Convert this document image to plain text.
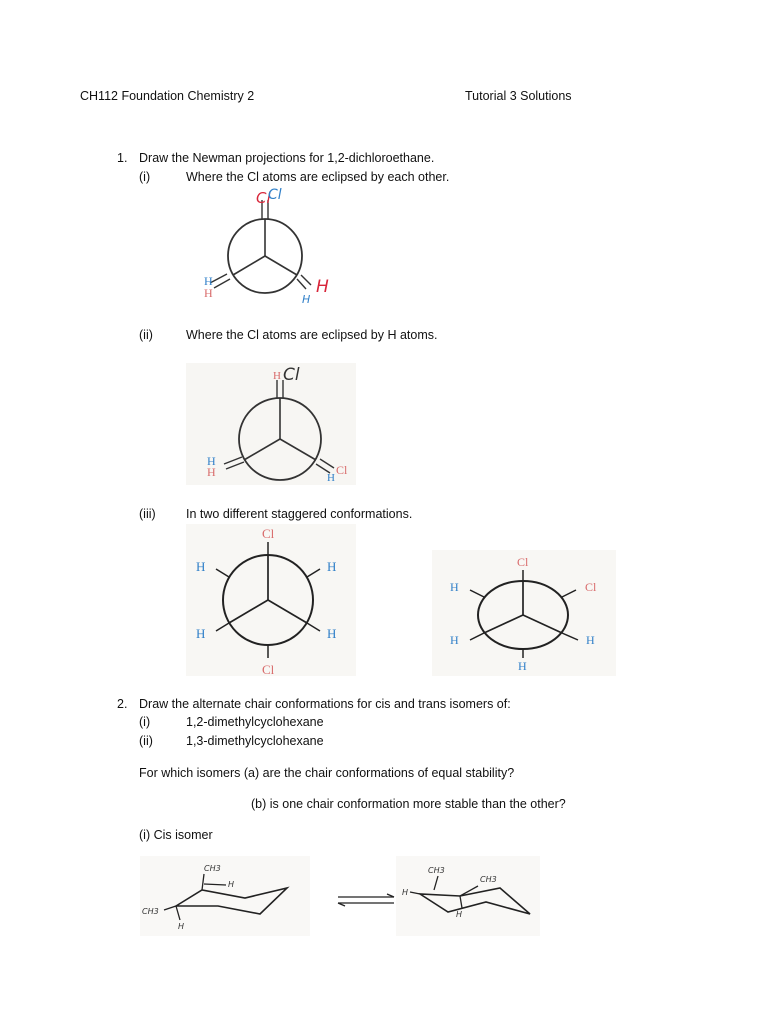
CH112 Foundation Chemistry 2	Tutorial 3 Solutions
1. Draw the Newman projections for 1,2-dichloroethane.
(i)	Where the Cl atoms are eclipsed by each other.
Cl
Cl
H
H	H
H
(ii)	Where the Cl atoms are eclipsed by H atoms.
H Cl
H
H	H
Cl
(iii) In two different staggered conformations.
Cl
H	H
H	H
Cl
Cl
H	Cl
H	H
H
2. Draw the alternate chair conformations for cis and trans isomers of:
(i)	1,2-dimethylcyclohexane
(ii)	1,3-dimethylcyclohexane
For which isomers (a) are the chair conformations of equal stability?
(b) is one chair conformation more stable than the other?
(i) Cis isomer
CH3
H
CH3
H
CH3
CH3
H
H
